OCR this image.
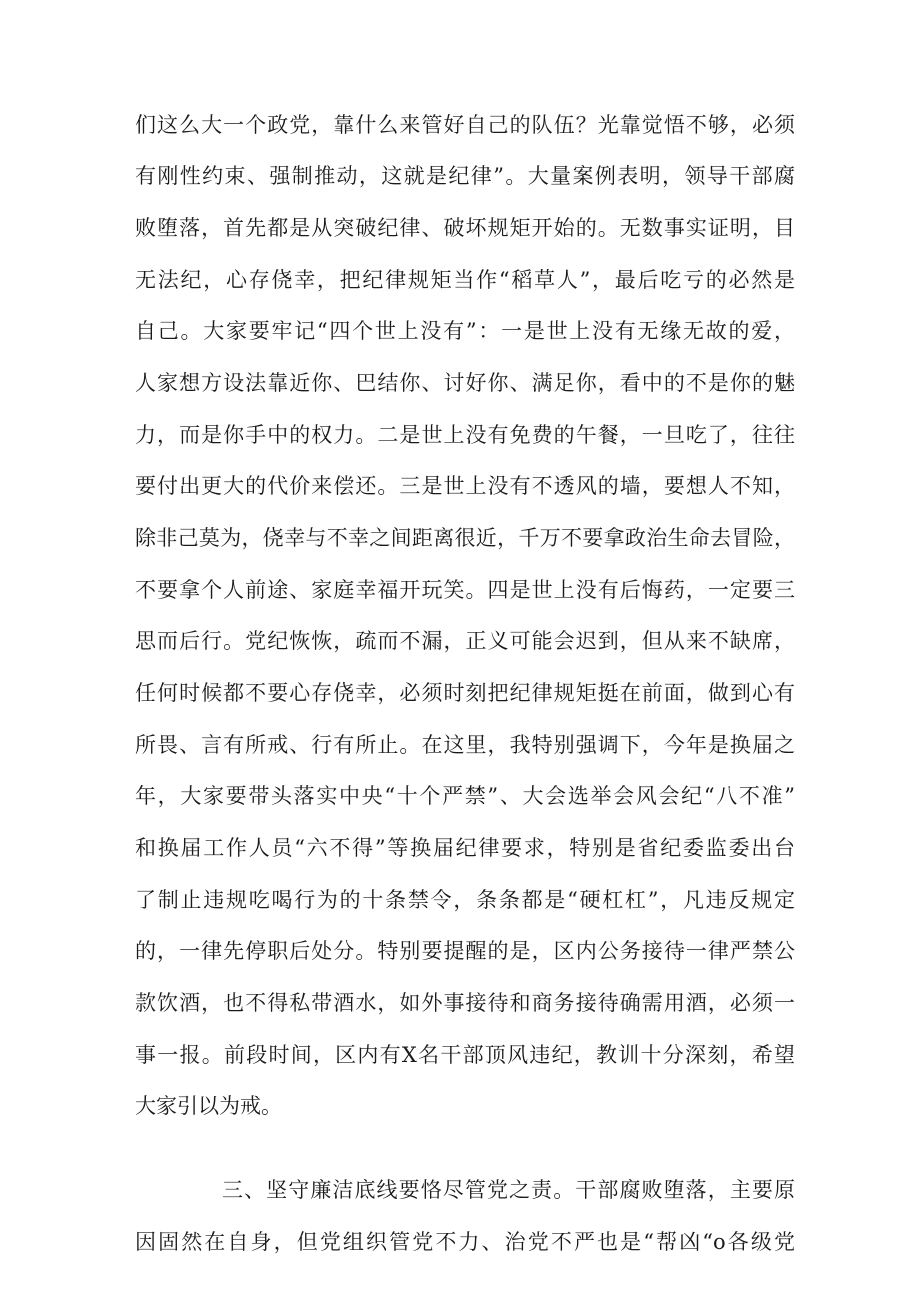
们这么大一个政党，靠什么来管好自己的队伍？光靠觉悟不够，必须
有刚性约束、强制推动，这就是纪律”。大量案例表明，领导干部腐
败堕落，首先都是从突破纪律、破坏规矩开始的。无数事实证明，目
无法纪，心存侥幸，把纪律规矩当作“稻草人”，最后吃亏的必然是
自己。大家要牢记“四个世上没有”：一是世上没有无缘无故的爱，
人家想方设法靠近你、巴结你、讨好你、满足你，看中的不是你的魅
力，而是你手中的权力。二是世上没有免费的午餐，一旦吃了，往往
要付出更大的代价来偿还。三是世上没有不透风的墙，要想人不知，
除非己莫为，侥幸与不幸之间距离很近，千万不要拿政治生命去冒险，
不要拿个人前途、家庭幸福开玩笑。四是世上没有后悔药，一定要三
思而后行。党纪恢恢，疏而不漏，正义可能会迟到，但从来不缺席，
任何时候都不要心存侥幸，必须时刻把纪律规矩挺在前面，做到心有
所畏、言有所戒、行有所止。在这里，我特别强调下，今年是换届之
年，大家要带头落实中央“十个严禁”、大会选举会风会纪“八不准”
和换届工作人员“六不得”等换届纪律要求，特别是省纪委监委出台
了制止违规吃喝行为的十条禁令，条条都是“硬杠杠”，凡违反规定
的，一律先停职后处分。特别要提醒的是，区内公务接待一律严禁公
款饮酒，也不得私带酒水，如外事接待和商务接待确需用酒，必须一
事一报。前段时间，区内有X名干部顶风违纪，教训十分深刻，希望
大家引以为戒。
三、坚守廉洁底线要恪尽管党之责。干部腐败堕落，主要原
因固然在自身，但党组织管党不力、治党不严也是“帮凶“o各级党
